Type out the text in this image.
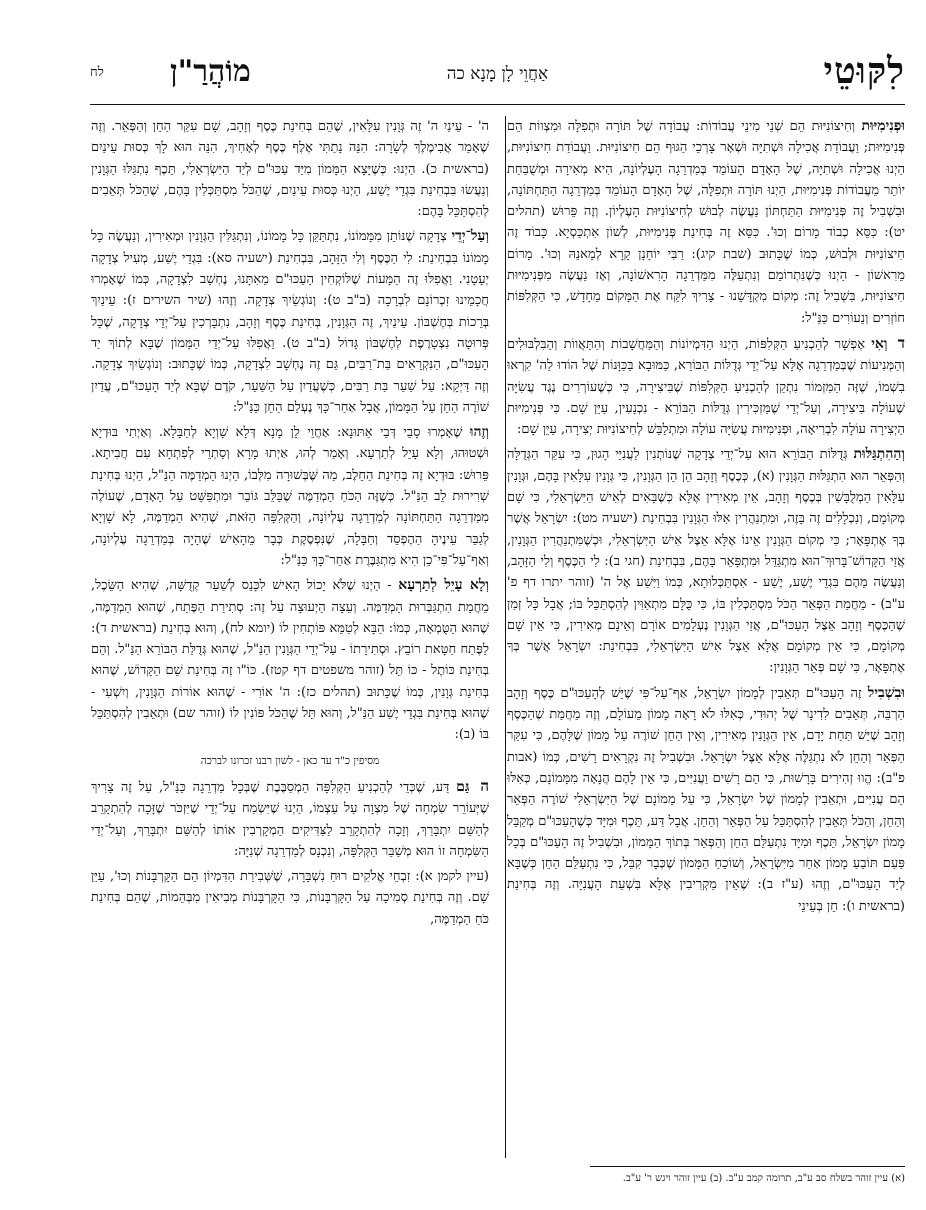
לִקּוּטֵי
אַחֲוֵי לָן מָנָא כה
מוֹהֲרַ"ן
לח

וּפְנִימִיּוּת וְחִיצוֹנִיּוּת הֵם שְׁנֵי מִינֵי עֲבוֹדוֹת: עֲבוֹדָה שֶׁל תּוֹרָה וּתְפִלָּה וּמִצְווֹת הֵם פְּנִימִיּוּת; וַעֲבוֹדַת אֲכִילָה וּשְׁתִיָּה וּשְׁאָר צָרְכֵי הַגּוּף הֵם חִיצוֹנִיּוּת. וַעֲבוֹדַת חִיצוֹנִיּוּת, הַיְנוּ אֲכִילָה וּשְׁתִיָּה, שֶׁל הָאָדָם הָעוֹמֵד בְּמַדְרֵגָה הָעֶלְיוֹנָה, הִיא מְאִירָה וּמְשֻׁבַּחַת יוֹתֵר מֵעֲבוֹדוֹת פְּנִימִיּוּת, הַיְנוּ תּוֹרָה וּתְפִלָּה, שֶׁל הָאָדָם הָעוֹמֵד בְּמַדְרֵגָה הַתַּחְתּוֹנָה, וּבִשְׁבִיל זֶה פְּנִימִיּוּת הַתַּחְתּוֹן נַעֲשֶׂה לְבוּשׁ לְחִיצוֹנִיּוּת הָעֶלְיוֹן. וְזֶה פֵּרוּשׁ (תהלים יט): כִּסֵּא כְבוֹד מָרוֹם וְכוּ'. כִּסֵּא זֶה בְּחִינַת פְּנִימִיּוּת, לְשׁוֹן אִתְכַּסְיָא. כָּבוֹד זֶה חִיצוֹנִיּוּת וּלְבוּשׁ, כְּמוֹ שֶׁכָּתוּב (שבת קיג): רַבִּי יוֹחָנָן קָרָא לְמָאנֵהּ וְכוּ'. מָרוֹם מֵרִאשׁוֹן - הַיְנוּ כְּשֶׁנִּתְרוֹמֵם וְנִתְעַלֶּה מִמַּדְרֵגָה הָרִאשׁוֹנָה, וְאָז נַעֲשֶׂה מִפְּנִימִיּוּת חִיצוֹנִיּוּת, בִּשְׁבִיל זֶה: מְקוֹם מִקְדָּשֵׁנוּ - צָרִיךְ לִקַּח אֶת הַמָּקוֹם מֵחָדָשׁ, כִּי הַקְּלִפּוֹת חוֹזְרִים וְנֵעוֹרִים כַּנַּ"ל:

ד וְאִי אֶפְשָׁר לְהַכְנִיעַ הַקְּלִפּוֹת, הַיְנוּ הַדִּמְיוֹנוֹת וְהַמַּחֲשָׁבוֹת וְהַתַּאֲווֹת וְהַבִּלְבּוּלִים וְהַמְּנִיעוֹת שֶׁבְּמַדְרֵגָה אֶלָּא עַל־יְדֵי גְּדֻלּוֹת הַבּוֹרֵא, כַּמּוּבָא בַּכַּוָּנוֹת שֶׁל הוֹדוּ לַה' קִרְאוּ בִשְׁמוֹ, שֶׁזֶּה הַמִּזְמוֹר נִתְקַן לְהַכְנִיעַ הַקְּלִפּוֹת שֶׁבִּיצִירָה, כִּי כְּשֶׁעוֹרְרִים נֶגֶד עֲשִׂיָּה שֶׁעוֹלָה בִּיצִירָה, וְעַל־יְדֵי שֶׁמַּזְכִּירִין גְּדֻלּוֹת הַבּוֹרֵא - נִכְנָעִין, עַיֵּן שָׁם. כִּי פְּנִימִיּוּת הַיְצִירָה עוֹלָה לִבְרִיאָה, וּפְנִימִיּוּת עֲשִׂיָּה עוֹלָה וּמִתְלַבֵּשׁ לְחִיצוֹנִיּוּת יְצִירָה, עַיֵּן שָׁם:

וְהַהִתְגַּלּוּת גְּדֻלּוֹת הַבּוֹרֵא הוּא עַל־יְדֵי צְדָקָה שֶׁנּוֹתְנִין לַעֲנִיֵּי הָגוּן, כִּי עִקַּר הַגְּדֻלָּה וְהַפְּאֵר הוּא הִתְגַּלּוּת הַגְּוָנִין (א), כְּכֶסֶף וְזָהָב הֵן הֵן הַגְּוָנִין, כִּי גְּוָנִין עִלָּאִין בָּהֶם, וּגְוָנִין עִלָּאִין הַמְלֻבָּשִׁין בְּכֶסֶף וְזָהָב, אֵין מְאִירִין אֶלָּא כְּשֶׁבָּאִים לְאִישׁ הַיִּשְׂרְאֵלִי, כִּי שָׁם מְקוֹמָם, וְנִכְלָלִים זֶה בָּזֶה, וּמִתְנַהֲרִין אִלּוּ הַגְּוָנִין בִּבְחִינַת (ישעיה מט): יִשְׂרָאֵל אֲשֶׁר בְּךָ אֶתְפָּאָר; כִּי מְקוֹם הַגְּוָנִין אֵינוֹ אֶלָּא אֵצֶל אִישׁ הַיִּשְׂרְאֵלִי, וּכְשֶׁמִּתְנַהֲרִין הַגְּוָנִין, אֲזַי הַקָּדוֹשׁ־בָּרוּךְ־הוּא מִתְגַּדֵּל וּמִתְפָּאֵר בָּהֶם, בִּבְחִינַת (חגי ב): לִי הַכֶּסֶף וְלִי הַזָּהָב, וְנַעֲשֶׂה מֵהֶם בִּגְדֵי יֶשַׁע, יֶשַׁע - אִסְתַּכְּלוּתָא, כְּמוֹ וַיִּשַׁע אֶל ה' (זוהר יתרו דף פ' ע"ב) - מֵחֲמַת הַפְּאֵר הַכֹּל מִסְתַּכְּלִין בּוֹ, כִּי כֻּלָּם מִתְאַוִּין לְהִסְתַּכֵּל בּוֹ; אֲבָל כָּל זְמַן שֶׁהַכֶּסֶף וְזָהָב אֵצֶל הָעַכּוּ"ם, אֲזַי הַגְּוָנִין נֶעְלָמִים אוֹרָם וְאֵינָם מְאִירִין, כִּי אֵין שָׁם מְקוֹמָם, כִּי אֵין מְקוֹמָם אֶלָּא אֵצֶל אִישׁ הַיִּשְׂרְאֵלִי, בִּבְחִינַת: יִשְׂרָאֵל אֲשֶׁר בְּךָ אֶתְפָּאָר, כִּי שָׁם פְּאֵר הַגְּוָנִין:

וּבִשְׁבִיל זֶה הָעַכּוּ"ם תְּאֵבִין לְמָמוֹן יִשְׂרָאֵל, אַף־עַל־פִּי שֶׁיֵּשׁ לְהָעַכּוּ"ם כֶּסֶף וְזָהָב הַרְבֵּה, תְּאֵבִים לִדִינָר שֶׁל יְהוּדִי, כְּאִלּוּ לֹא רָאָה מָמוֹן מֵעוֹלָם, וְזֶה מֵחֲמַת שֶׁהַכֶּסֶף וְזָהָב שֶׁיֵּשׁ תַּחַת יָדָם, אֵין הַגְּוָנִין מְאִירִין, וְאֵין הַחֵן שׁוֹרֶה עַל מָמוֹן שֶׁלָּהֶם, כִּי עִקַּר הַפְּאֵר וְהַחֵן לֹא נִתְגַּלֶּה אֶלָּא אֵצֶל יִשְׂרָאֵל. וּבִשְׁבִיל זֶה נִקְרָאִים רָשִׁים, כְּמוֹ (אבות פ"ב): הֱווּ זְהִירִים בָּרָשׁוּת, כִּי הֵם רָשִׁים וַעֲנִיִּים, כִּי אֵין לָהֶם הֲנָאָה מִמָּמוֹנָם, כְּאִלּוּ הֵם עֲנִיִּים, וּתְאֵבִין לְמָמוֹן שֶׁל יִשְׂרָאֵל, כִּי עַל מָמוֹנָם שֶׁל הַיִּשְׂרְאֵלִי שׁוֹרֶה הַפְּאֵר וְהַחֵן, וְהַכֹּל תְּאֵבִין לְהִסְתַּכֵּל עַל הַפְּאֵר וְהַחֵן. אֲבָל דַּע, תֵּכֶף וּמִיָּד כְּשֶׁהָעַכּוּ"ם מְקַבֵּל מָמוֹן יִשְׂרָאֵל, תֵּכֶף וּמִיָּד נִתְעַלֵּם הַחֵן וְהַפְּאֵר בְּתוֹךְ הַמָּמוֹן, וּבִשְׁבִיל זֶה הָעַכּוּ"ם בְּכָל פַּעַם תּוֹבֵעַ מָמוֹן אַחֵר מִיִּשְׂרָאֵל, וְשׁוֹכֵחַ הַמָּמוֹן שֶׁכְּבָר קִבֵּל, כִּי נִתְעַלֵּם הַחֵן כְּשֶׁבָּא לְיַד הָעַכּוּ"ם, וְזֶהוּ (ע"ז ב): שֶׁאֵין מַקְרִיבִין אֶלָּא בִּשְׁעַת הָעֲנִיָּה. וְזֶה בְּחִינַת (בראשית ו): חֵן בְּעֵינֵי

ה' - עֵינַיִ ה' זֶה גְּוָנִין עִלָּאִין, שֶׁהֵם בְּחִינַת כֶּסֶף וְזָהָב, שָׁם עִקַּר הַחֵן וְהַפְּאֵר. וְזֶה שֶׁאָמַר אֲבִימֶלֶךְ לְשָׂרָה: הִנֵּה נָתַתִּי אֶלֶף כֶּסֶף לְאָחִיךְ, הִנֵּה הוּא לָךְ כְּסוּת עֵינַיִם (בראשית כ). הַיְנוּ: כְּשֶׁיָּצָא הַמָּמוֹן מִיַּד עַכּוּ"ם לְיַד הַיִּשְׂרְאֵלִי, תֵּכֶף נִתְגַּלּוּ הַגְּוָנִין וְנַעֲשׂוּ בִּבְחִינַת בִּגְדֵי יֶשַׁע, הַיְנוּ כְּסוּת עֵינַיִם, שֶׁהַכֹּל מִסְתַּכְּלִין בָּהֶם, שֶׁהַכֹּל תְּאֵבִים לְהִסְתַּכֵּל בָּהֶם:

וְעַל־יְדֵי צְדָקָה שֶׁנּוֹתֵן מִמָּמוֹנוֹ, נִתְתַּקֵּן כָּל מָמוֹנוֹ, וְנִתְגַּלִּין הַגְּוָנִין וּמְאִירִין, וְנַעֲשֶׂה כָּל מָמוֹנוֹ בִּבְחִינַת: לִי הַכֶּסֶף וְלִי הַזָּהָב, בִּבְחִינַת (ישעיה סא): בִּגְדֵי יֶשַׁע, מְעִיל צְדָקָה יְעָטָנִי. וַאֲפִלּוּ זֶה הַמָּעוֹת שֶׁלּוֹקְחִין הָעַכּוּ"ם מֵאִתָּנוּ, נֶחְשָׁב לִצְדָקָה, כְּמוֹ שֶׁאָמְרוּ חֲכָמֵינוּ זִכְרוֹנָם לִבְרָכָה (ב"ב ט): וְנוֹגְשַׂיִךְ צְדָקָה. וְזֶהוּ (שיר השירים ז): עֵינַיִךְ בְּרֵכוֹת בְּחֶשְׁבּוֹן. עֵינַיִךְ, זֶה הַגְּוָנִין, בְּחִינַת כֶּסֶף וְזָהָב, נִתְבָּרְכִין עַל־יְדֵי צְדָקָה, שֶׁכָּל פְּרוּטָה נִצְטָרֶפֶת לְחֶשְׁבּוֹן גָּדוֹל (ב"ב ט). וַאֲפִלּוּ עַל־יְדֵי הַמָּמוֹן שֶׁבָּא לְתוֹךְ יַד הָעַכּוּ"ם, הַנִּקְרָאִים בַּת־רַבִּים, גַּם זֶה נֶחְשָׁב לִצְדָקָה, כְּמוֹ שֶׁכָּתוּב: וְנוֹגְשַׂיִךְ צְדָקָה. וְזֶה דַּיְקָא: עַל שַׁעַר בַּת רַבִּים, כְּשֶׁעֲדַיִן עַל הַשַּׁעַר, קֹדֶם שֶׁבָּא לְיַד הָעַכּוּ"ם, עֲדַיִן שׁוֹרֶה הַחֵן עַל הַמָּמוֹן, אֲבָל אַחַר־כָּךְ נֶעְלַם הַחֵן כַּנַּ"ל:

וְזֶהוּ שֶׁאָמְרוּ סָבֵי דְּבֵי אַתּוּנָא: אַחֲוֵי לָן מָנָא דְּלָא שָׁוְיָא לְחַבָּלָא. וְאַיְתִי בּוּדְיָא וּשְׁטוּהוּ, וְלָא עָיֵל לְתַרְעָא. וְאָמַר לְהוּ, אַיְתוּ מָרָא וְסַתְרֵי לְפִתְחָא עִם חֲבִיתָא. פֵּרוּשׁ: בּוּדְיָא זֶה בְּחִינַת הַחֵלֶב, מַה שֶּׁבְּשׁוּרָה מִלְּבוֹ, הַיְנוּ הַמְדַמֶּה הַנַּ"ל, הַיְנוּ בְּחִינַת שְׁרִירוּת לֵב הַנַּ"ל. כְּשֶׁזֶּה הַכֹּחַ הַמְדַמֶּה שֶׁבַּלֵּב גּוֹבֵר וּמִתְפַּשֵּׁט עַל הָאָדָם, שֶׁעוֹלֶה מִמַּדְרֵגָה הַתַּחְתּוֹנָה לְמַדְרֵגָה עֶלְיוֹנָה, וְהַקְּלִפָּה הַזֹּאת, שֶׁהִיא הַמְדַמֶּה, לָא שָׁוְיָא לְגַבֵּר עֵינֶיהָ הַהֶפְסֵד וְחַבָּלָה, שֶׁנִּפְסֶקֶת כְּבָר מֵהָאִישׁ שֶׁהָיָה בְּמַדְרֵגָה עֶלְיוֹנָה, וְאַף־עַל־פִּי־כֵן הִיא מִתְגַּבֶּרֶת אַחַר־כָּךְ כַּנַּ"ל:

וְלָא עָיֵל לְתַרְעָא - הַיְנוּ שֶׁלֹּא יָכוֹל הָאִישׁ לִכָּנֵס לְשַׁעַר קְדֻשָּׁה, שֶׁהִיא הַשֵּׂכֶל, מֵחֲמַת הִתְגַּבְּרוּת הַמְדַמֶּה. וְעֵצָה הַיְעוּצָה עַל זֶה: סְתִירַת הַפֶּתַח, שֶׁהוּא הַמְדַמֶּה, שֶׁהוּא הַטֻּמְאָה, כְּמוֹ: הַבָּא לְטַמֵּא פּוֹתְחִין לוֹ (יומא לח), וְהוּא בְּחִינַת (בראשית ד): לַפֶּתַח חַטָּאת רוֹבֵץ. וּסְתִירָתוֹ - עַל־יְדֵי הַגְּוָנִין הַנַּ"ל, שֶׁהוּא גְּדֻלַּת הַבּוֹרֵא הַנַּ"ל. וְהֵם בְּחִינַת כּוֹתֶל - כּוֹ תֵּל (זוהר משפטים דף קטז). כּוֹ"ו זֶה בְּחִינַת שֵׁם הַקָּדוֹשׁ, שֶׁהוּא בְּחִינַת גְּוָנִין, כְּמוֹ שֶׁכָּתוּב (תהלים כז): ה' אוֹרִי - שֶׁהוּא אוֹרוֹת הַגְּוָנִין, וְיִשְׁעִי - שֶׁהוּא בְּחִינַת בִּגְדֵי יֶשַׁע הַנַּ"ל, וְהוּא תֵּל שֶׁהַכֹּל פּוֹנִין לוֹ (זוהר שם) וּתְאֵבִין לְהִסְתַּכֵּל בּוֹ (ב):

מסיפין כ"ד עד כאן - לשון רבנו זכרונו לברכה

ה גַּם דַּע, שֶׁכְּדֵי לְהַכְנִיעַ הַקְּלִפָּה הַמְסַבֶּבֶת שֶׁבְּכָל מַדְרֵגָה כַּנַּ"ל, עַל זֶה צָרִיךְ שֶׁיְּעוֹרֵר שִׂמְחָה שֶׁל מִצְוָה עַל עַצְמוֹ, הַיְנוּ שֶׁיִּשְׂמַח עַל־יְדֵי שֶׁיִּזְכֹּר שֶׁזָּכָה לְהִתְקָרֵב לְהַשֵּׁם יִתְבָּרַךְ, וְזָכָה לְהִתְקָרֵב לַצַּדִּיקִים הַמְקָרְבִין אוֹתוֹ לְהַשֵּׁם יִתְבָּרַךְ, וְעַל־יְדֵי הַשִּׂמְחָה זוֹ הוּא מְשַׁבֵּר הַקְּלִפָּה, וְנִכְנָס לְמַדְרֵגָה שְׁנִיָּה:

(עיין לקמן א): זִבְחֵי אֱלֹקִים רוּחַ נִשְׁבָּרָה, שֶׁשְּׁבִירַת הַדִּמְיוֹן הֵם הַקָּרְבָּנוֹת וְכוּ', עַיֵּן שָׁם. וְזֶה בְּחִינַת סְמִיכָה עַל הַקָּרְבָּנוֹת, כִּי הַקָּרְבָּנוֹת מְבִיאִין מִבְּהֵמוֹת, שֶׁהֵם בְּחִינַת כֹּחַ הַמְדַמֶּה,

(א) עיין זוהר בשלח סב ע"ב, תרומה קמב ע"ב. (ב) עיין זוהר ויגש ר' ע"ב.
